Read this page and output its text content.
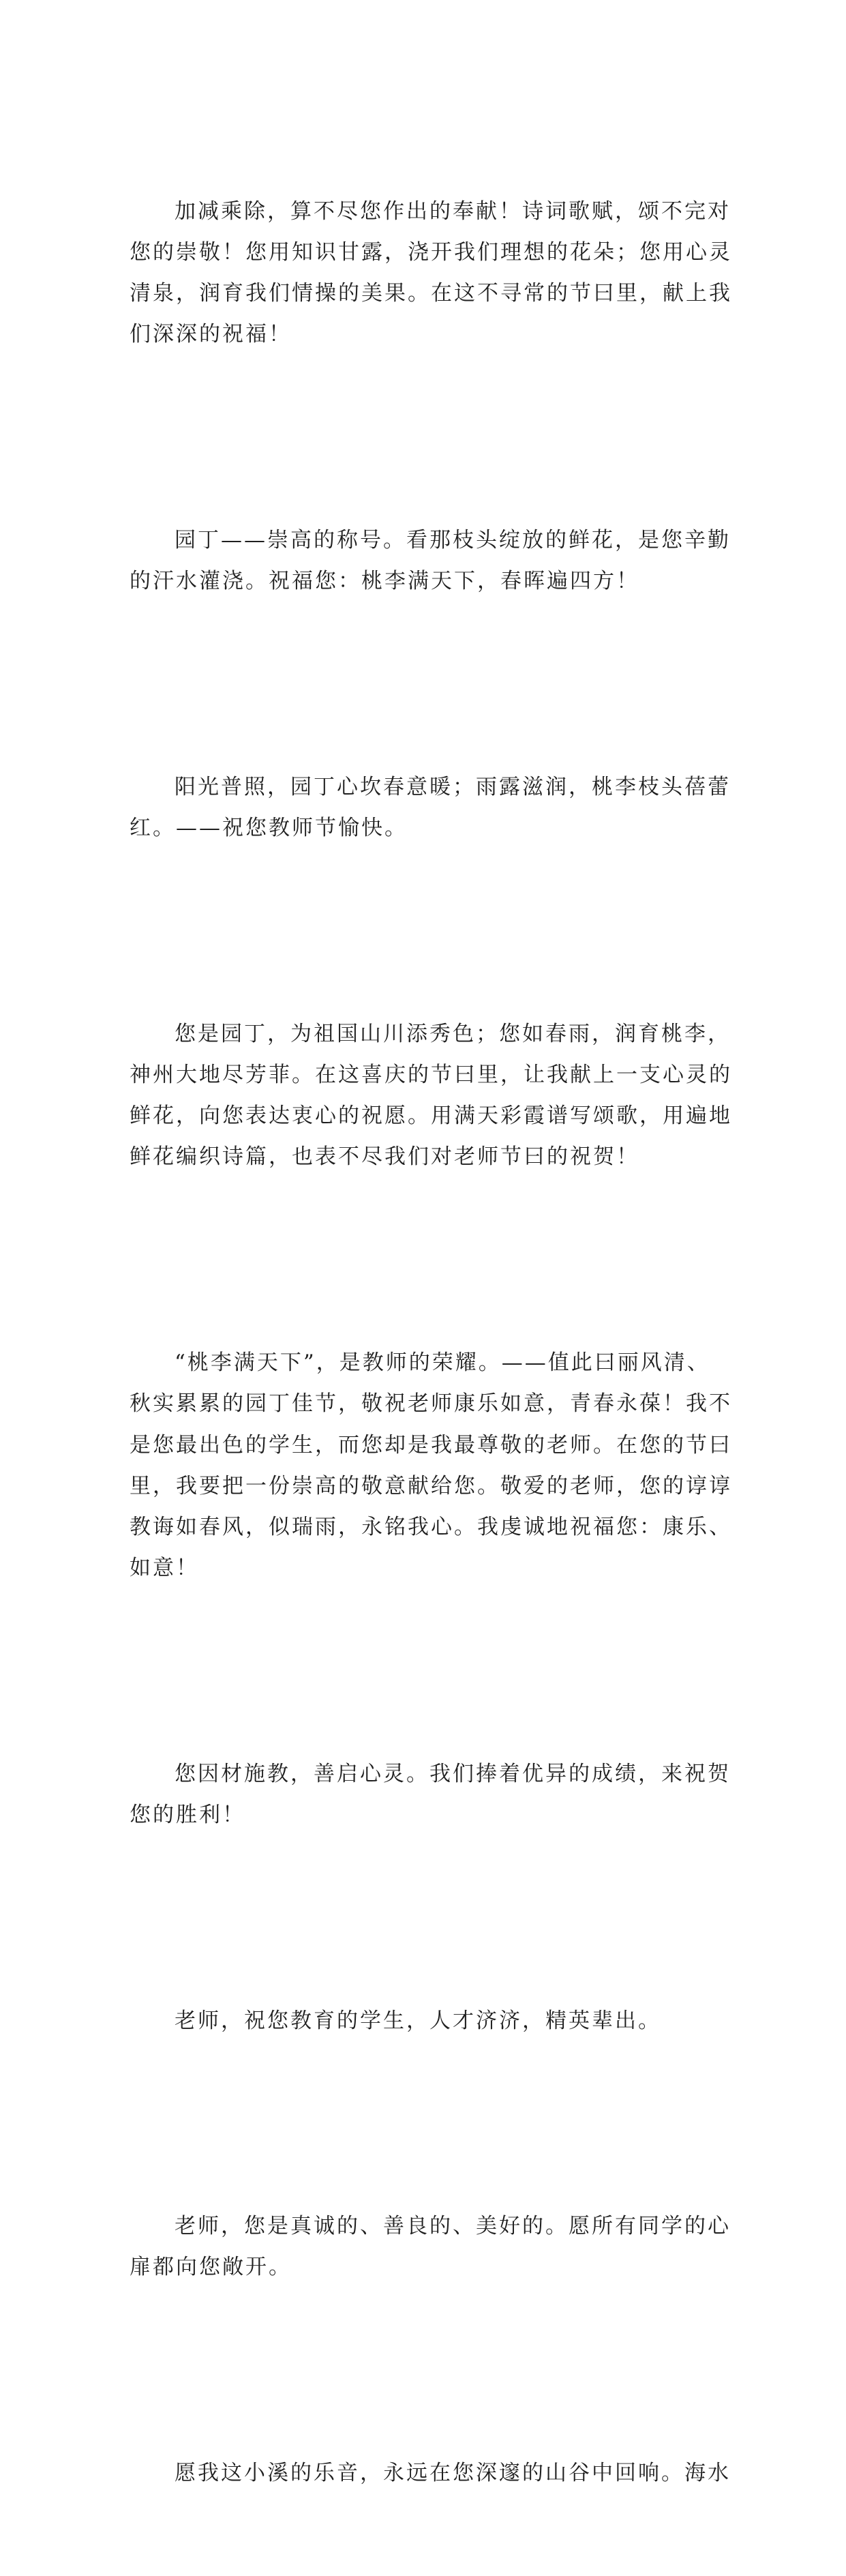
加减乘除，算不尽您作出的奉献！诗词歌赋，颂不完对
您的崇敬！您用知识甘露，浇开我们理想的花朵；您用心灵
清泉，润育我们情操的美果。在这不寻常的节曰里，献上我
们深深的祝福！

园丁——崇高的称号。看那枝头绽放的鲜花，是您辛勤
的汗水灌浇。祝福您：桃李满天下，春晖遍四方！

阳光普照，园丁心坎春意暖；雨露滋润，桃李枝头蓓蕾
红。——祝您教师节愉快。

您是园丁，为祖国山川添秀色；您如春雨，润育桃李，
神州大地尽芳菲。在这喜庆的节曰里，让我献上一支心灵的
鲜花，向您表达衷心的祝愿。用满天彩霞谱写颂歌，用遍地
鲜花编织诗篇，也表不尽我们对老师节曰的祝贺！

“桃李满天下”，是教师的荣耀。——值此曰丽风清、
秋实累累的园丁佳节，敬祝老师康乐如意，青春永葆！我不
是您最出色的学生，而您却是我最尊敬的老师。在您的节曰
里，我要把一份崇高的敬意献给您。敬爱的老师，您的谆谆
教诲如春风，似瑞雨，永铭我心。我虔诚地祝福您：康乐、
如意！

您因材施教，善启心灵。我们捧着优异的成绩，来祝贺
您的胜利！

老师，祝您教育的学生，人才济济，精英辈出。

老师，您是真诚的、善良的、美好的。愿所有同学的心
扉都向您敞开。

愿我这小溪的乐音，永远在您深邃的山谷中回响。海水
